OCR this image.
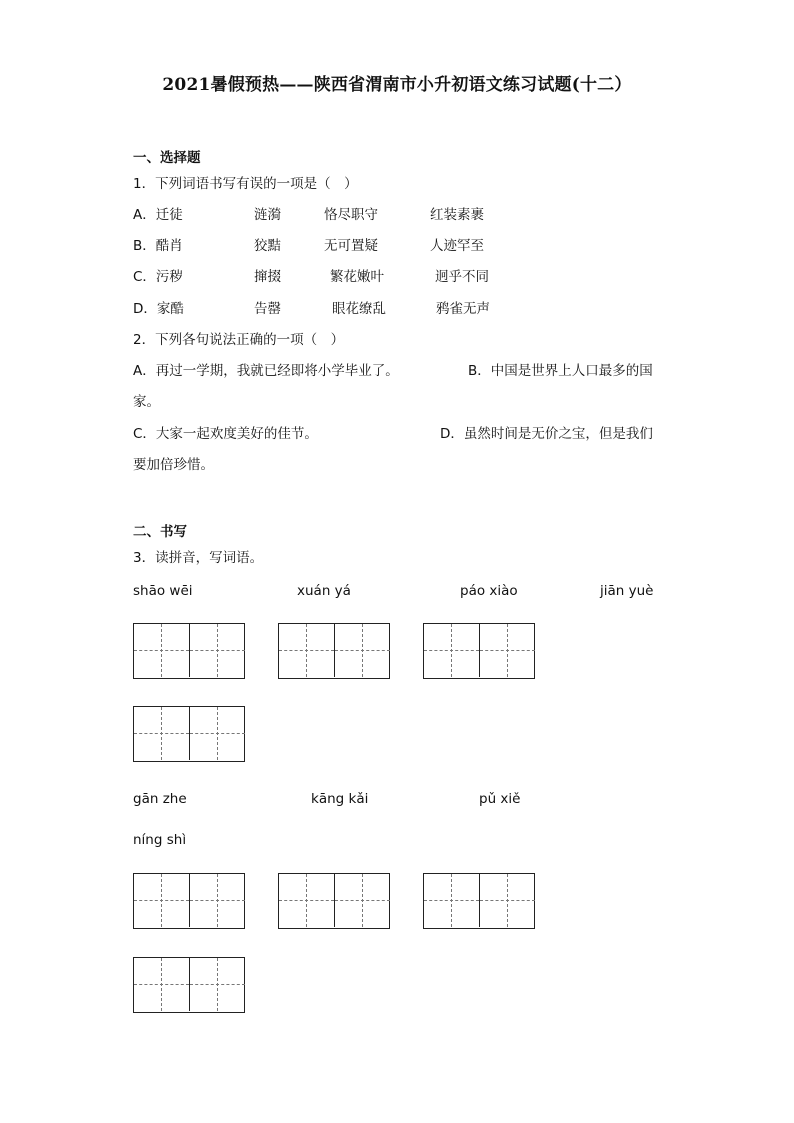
2021暑假预热——陕西省渭南市小升初语文练习试题(十二）
一、选择题
1．下列词语书写有误的一项是（　）
A．迁徒	涟漪	恪尽职守	红装素裹
B．酷肖	狡黠	无可置疑	人迹罕至
C．污秽	撺掇	繁花嫩叶	迥乎不同
D．家酷	告罄	眼花缭乱	鸦雀无声
2．下列各句说法正确的一项（　）
A．再过一学期，我就已经即将小学毕业了。	B．中国是世界上人口最多的国
家。
C．大家一起欢度美好的佳节。	D．虽然时间是无价之宝，但是我们
要加倍珍惜。
二、书写
3．读拼音，写词语。
shāo wēi	xuán yá	páo xiào	jiān yuè
gān zhe	kāng kǎi	pǔ xiě
níng shì
